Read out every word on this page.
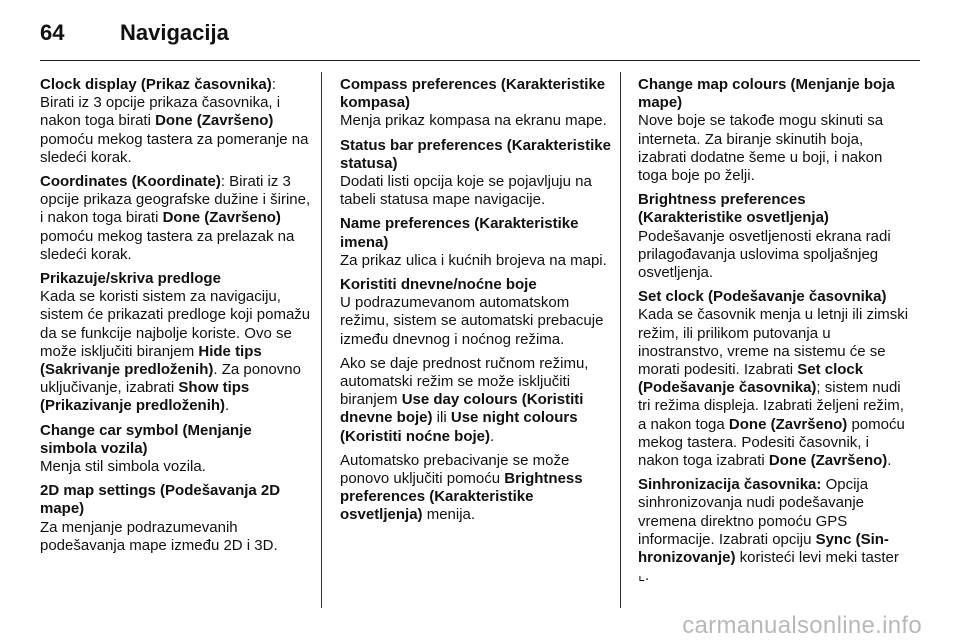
64	Navigacija

Clock display (Prikaz časovnika): Birati iz 3 opcije prikaza časovnika, i nakon toga birati Done (Završeno) pomoću mekog tastera za pomeranje na sledeći korak.

Coordinates (Koordinate): Birati iz 3 opcije prikaza geografske dužine i širine, i nakon toga birati Done (Završeno) pomoću mekog tastera za prelazak na sledeći korak.

Prikazuje/skriva predloge
Kada se koristi sistem za navigaciju, sistem će prikazati predloge koji pomažu da se funkcije najbolje koriste. Ovo se može isključiti biranjem Hide tips (Sakrivanje predloženih). Za ponovno uključivanje, izabrati Show tips (Prikazivanje predloženih).

Change car symbol (Menjanje simbola vozila)
Menja stil simbola vozila.

2D map settings (Podešavanja 2D mape)
Za menjanje podrazumevanih podešavanja mape između 2D i 3D.

Compass preferences (Karakteristike kompasa)
Menja prikaz kompasa na ekranu mape.

Status bar preferences (Karakteristike statusa)
Dodati listi opcija koje se pojavljuju na tabeli statusa mape navigacije.

Name preferences (Karakteristike imena)
Za prikaz ulica i kućnih brojeva na mapi.

Koristiti dnevne/noćne boje
U podrazumevanom automatskom režimu, sistem se automatski prebacuje između dnevnog i noćnog režima.

Ako se daje prednost ručnom režimu, automatski režim se može isključiti biranjem Use day colours (Koristiti dnevne boje) ili Use night colours (Koristiti noćne boje).

Automatsko prebacivanje se može ponovo uključiti pomoću Brightness preferences (Karakteristike osvetljenja) menija.

Change map colours (Menjanje boja mape)
Nove boje se takođe mogu skinuti sa interneta. Za biranje skinutih boja, izabrati dodatne šeme u boji, i nakon toga boje po želji.

Brightness preferences (Karakteristike osvetljenja)
Podešavanje osvetljenosti ekrana radi prilagođavanja uslovima spoljašnjeg osvetljenja.

Set clock (Podešavanje časovnika)
Kada se časovnik menja u letnji ili zimski režim, ili prilikom putovanja u inostranstvo, vreme na sistemu će se morati podesiti. Izabrati Set clock (Podešavanje časovnika); sistem nudi tri režima displeja. Izabrati željeni režim, a nakon toga Done (Završeno) pomoću mekog tastera. Podesiti časovnik, i nakon toga izabrati Done (Završeno).

Sinhronizacija časovnika: Opcija sinhronizovanja nudi podešavanje vremena direktno pomoću GPS informacije. Izabrati opciju Sync (Sin-hronizovanje) koristeći levi meki taster ⌞.

carmanualsonline.info
